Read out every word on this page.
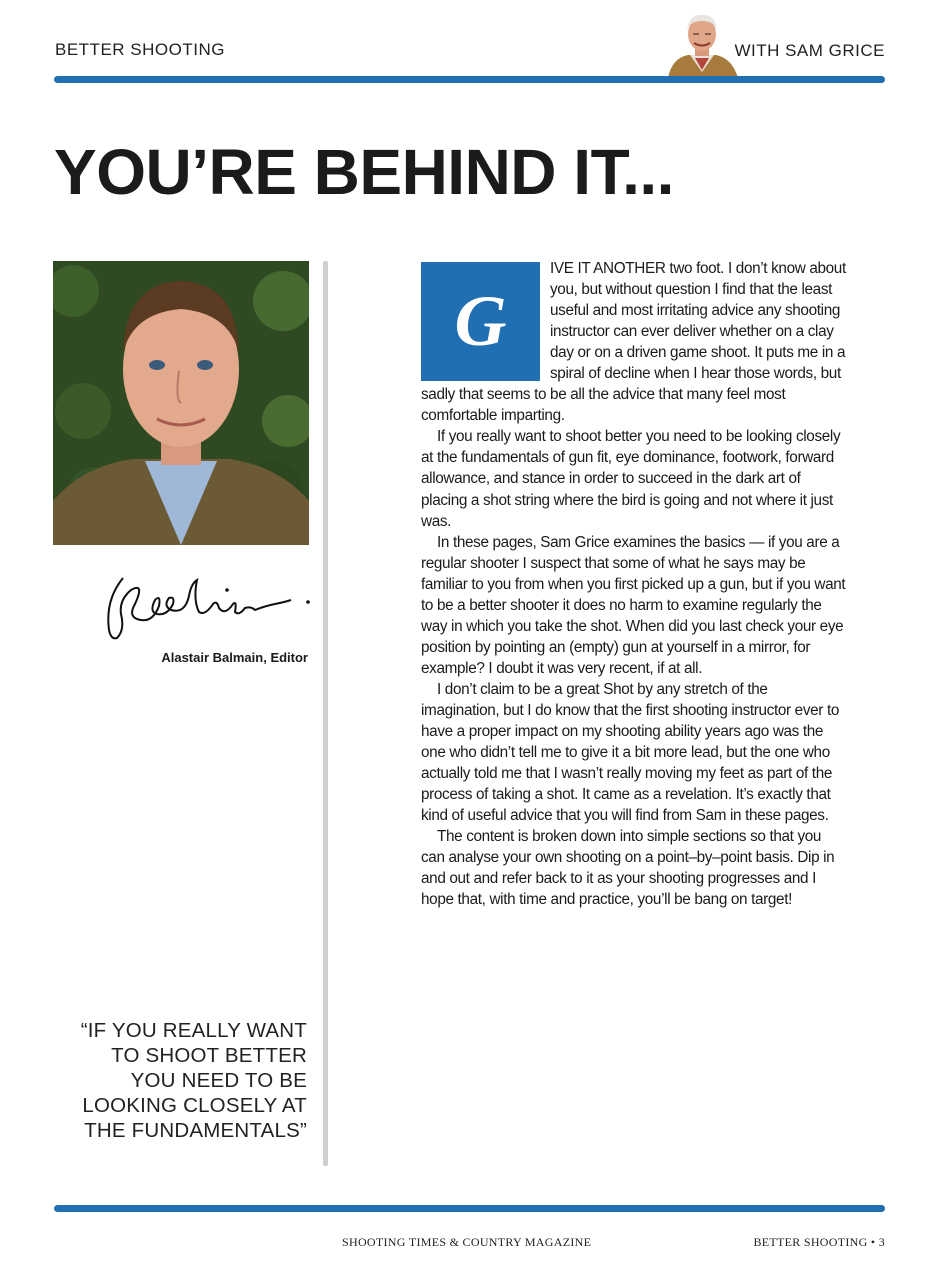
BETTER SHOOTING	WITH SAM GRICE
YOU’RE BEHIND IT...
Alastair Balmain, Editor
“IF YOU REALLY WANT TO SHOOT BETTER YOU NEED TO BE LOOKING CLOSELY AT THE FUNDAMENTALS”

G
IVE IT ANOTHER two foot. I don’t know about you, but without question I find that the least useful and most irritating advice any shooting instructor can ever deliver whether on a clay day or on a driven game shoot. It puts me in a spiral of decline when I hear those words, but sadly that seems to be all the advice that many feel most comfortable imparting.

If you really want to shoot better you need to be looking closely at the fundamentals of gun fit, eye dominance, footwork, forward allowance, and stance in order to succeed in the dark art of placing a shot string where the bird is going and not where it just was.

In these pages, Sam Grice examines the basics — if you are a regular shooter I suspect that some of what he says may be familiar to you from when you first picked up a gun, but if you want to be a better shooter it does no harm to examine regularly the way in which you take the shot. When did you last check your eye position by pointing an (empty) gun at yourself in a mirror, for example? I doubt it was very recent, if at all.

I don’t claim to be a great Shot by any stretch of the imagination, but I do know that the first shooting instructor ever to have a proper impact on my shooting ability years ago was the one who didn’t tell me to give it a bit more lead, but the one who actually told me that I wasn’t really moving my feet as part of the process of taking a shot. It came as a revelation. It’s exactly that kind of useful advice that you will find from Sam in these pages.

The content is broken down into simple sections so that you can analyse your own shooting on a point–by–point basis. Dip in and out and refer back to it as your shooting progresses and I hope that, with time and practice, you’ll be bang on target!

SHOOTING TIMES & COUNTRY MAGAZINE	BETTER SHOOTING • 3
